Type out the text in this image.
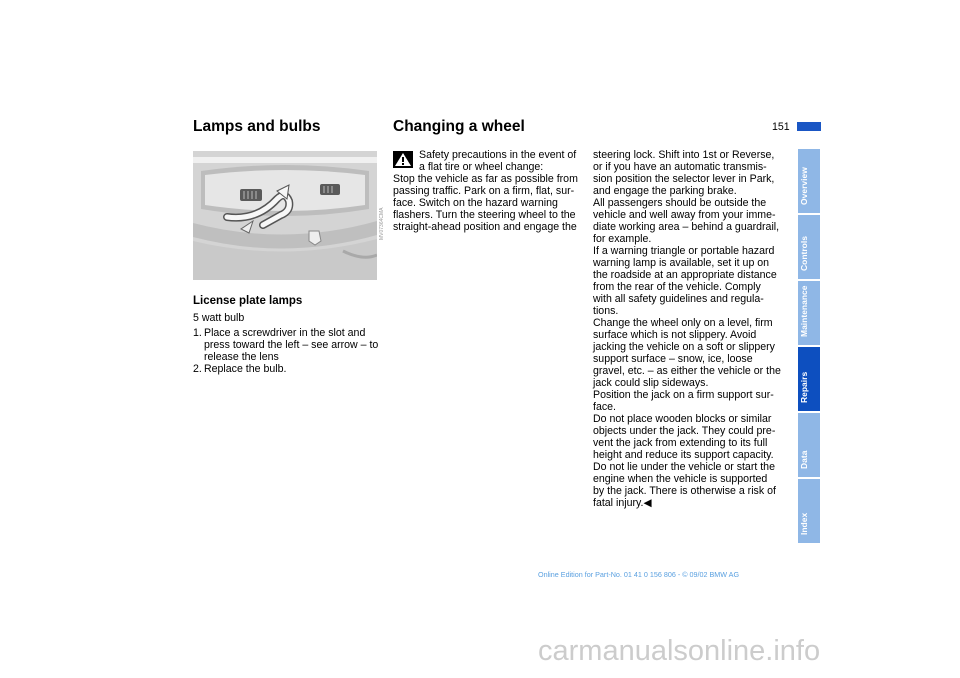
Lamps and bulbs
MV07364CMA
License plate lamps
5 watt bulb
1. Place a screwdriver in the slot and
press toward the left – see arrow – to
release the lens
2. Replace the bulb.
Changing a wheel
Safety precautions in the event of
a flat tire or wheel change:
Stop the vehicle as far as possible from
passing traffic. Park on a firm, flat, sur-
face. Switch on the hazard warning
flashers. Turn the steering wheel to the
straight-ahead position and engage the
steering lock. Shift into 1st or Reverse,
or if you have an automatic transmis-
sion position the selector lever in Park,
and engage the parking brake.
All passengers should be outside the
vehicle and well away from your imme-
diate working area – behind a guardrail,
for example.
If a warning triangle or portable hazard
warning lamp is available, set it up on
the roadside at an appropriate distance
from the rear of the vehicle. Comply
with all safety guidelines and regula-
tions.
Change the wheel only on a level, firm
surface which is not slippery. Avoid
jacking the vehicle on a soft or slippery
support surface – snow, ice, loose
gravel, etc. – as either the vehicle or the
jack could slip sideways.
Position the jack on a firm support sur-
face.
Do not place wooden blocks or similar
objects under the jack. They could pre-
vent the jack from extending to its full
height and reduce its support capacity.
Do not lie under the vehicle or start the
engine when the vehicle is supported
by the jack. There is otherwise a risk of
fatal injury.◀
151
Overview
Controls
Maintenance
Repairs
Data
Index
Online Edition for Part-No. 01 41 0 156 806 - © 09/02 BMW AG
carmanualsonline.info
